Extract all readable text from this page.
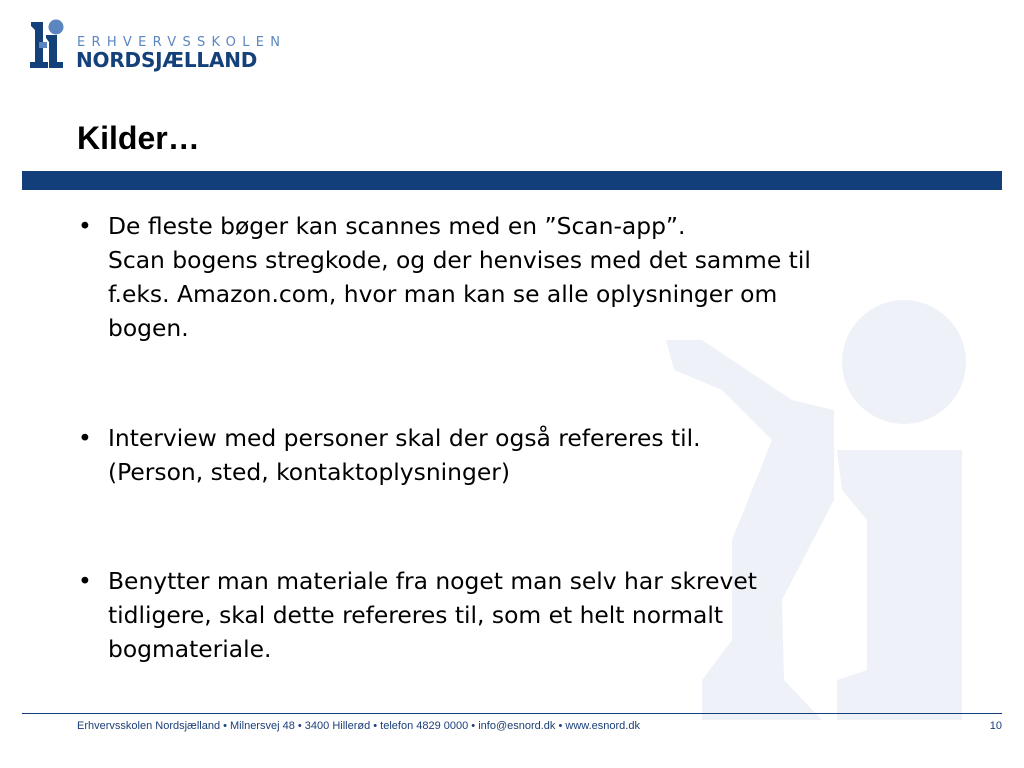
ERHVERVSSKOLEN
NORDSJÆLLAND
Kilder…
• De fleste bøger kan scannes med en ”Scan-app”.
Scan bogens stregkode, og der henvises med det samme til
f.eks. Amazon.com, hvor man kan se alle oplysninger om
bogen.
• Interview med personer skal der også refereres til.
(Person, sted, kontaktoplysninger)
• Benytter man materiale fra noget man selv har skrevet
tidligere, skal dette refereres til, som et helt normalt
bogmateriale.
Erhvervsskolen Nordsjælland • Milnersvej 48 • 3400 Hillerød • telefon 4829 0000 • info@esnord.dk • www.esnord.dk	10
